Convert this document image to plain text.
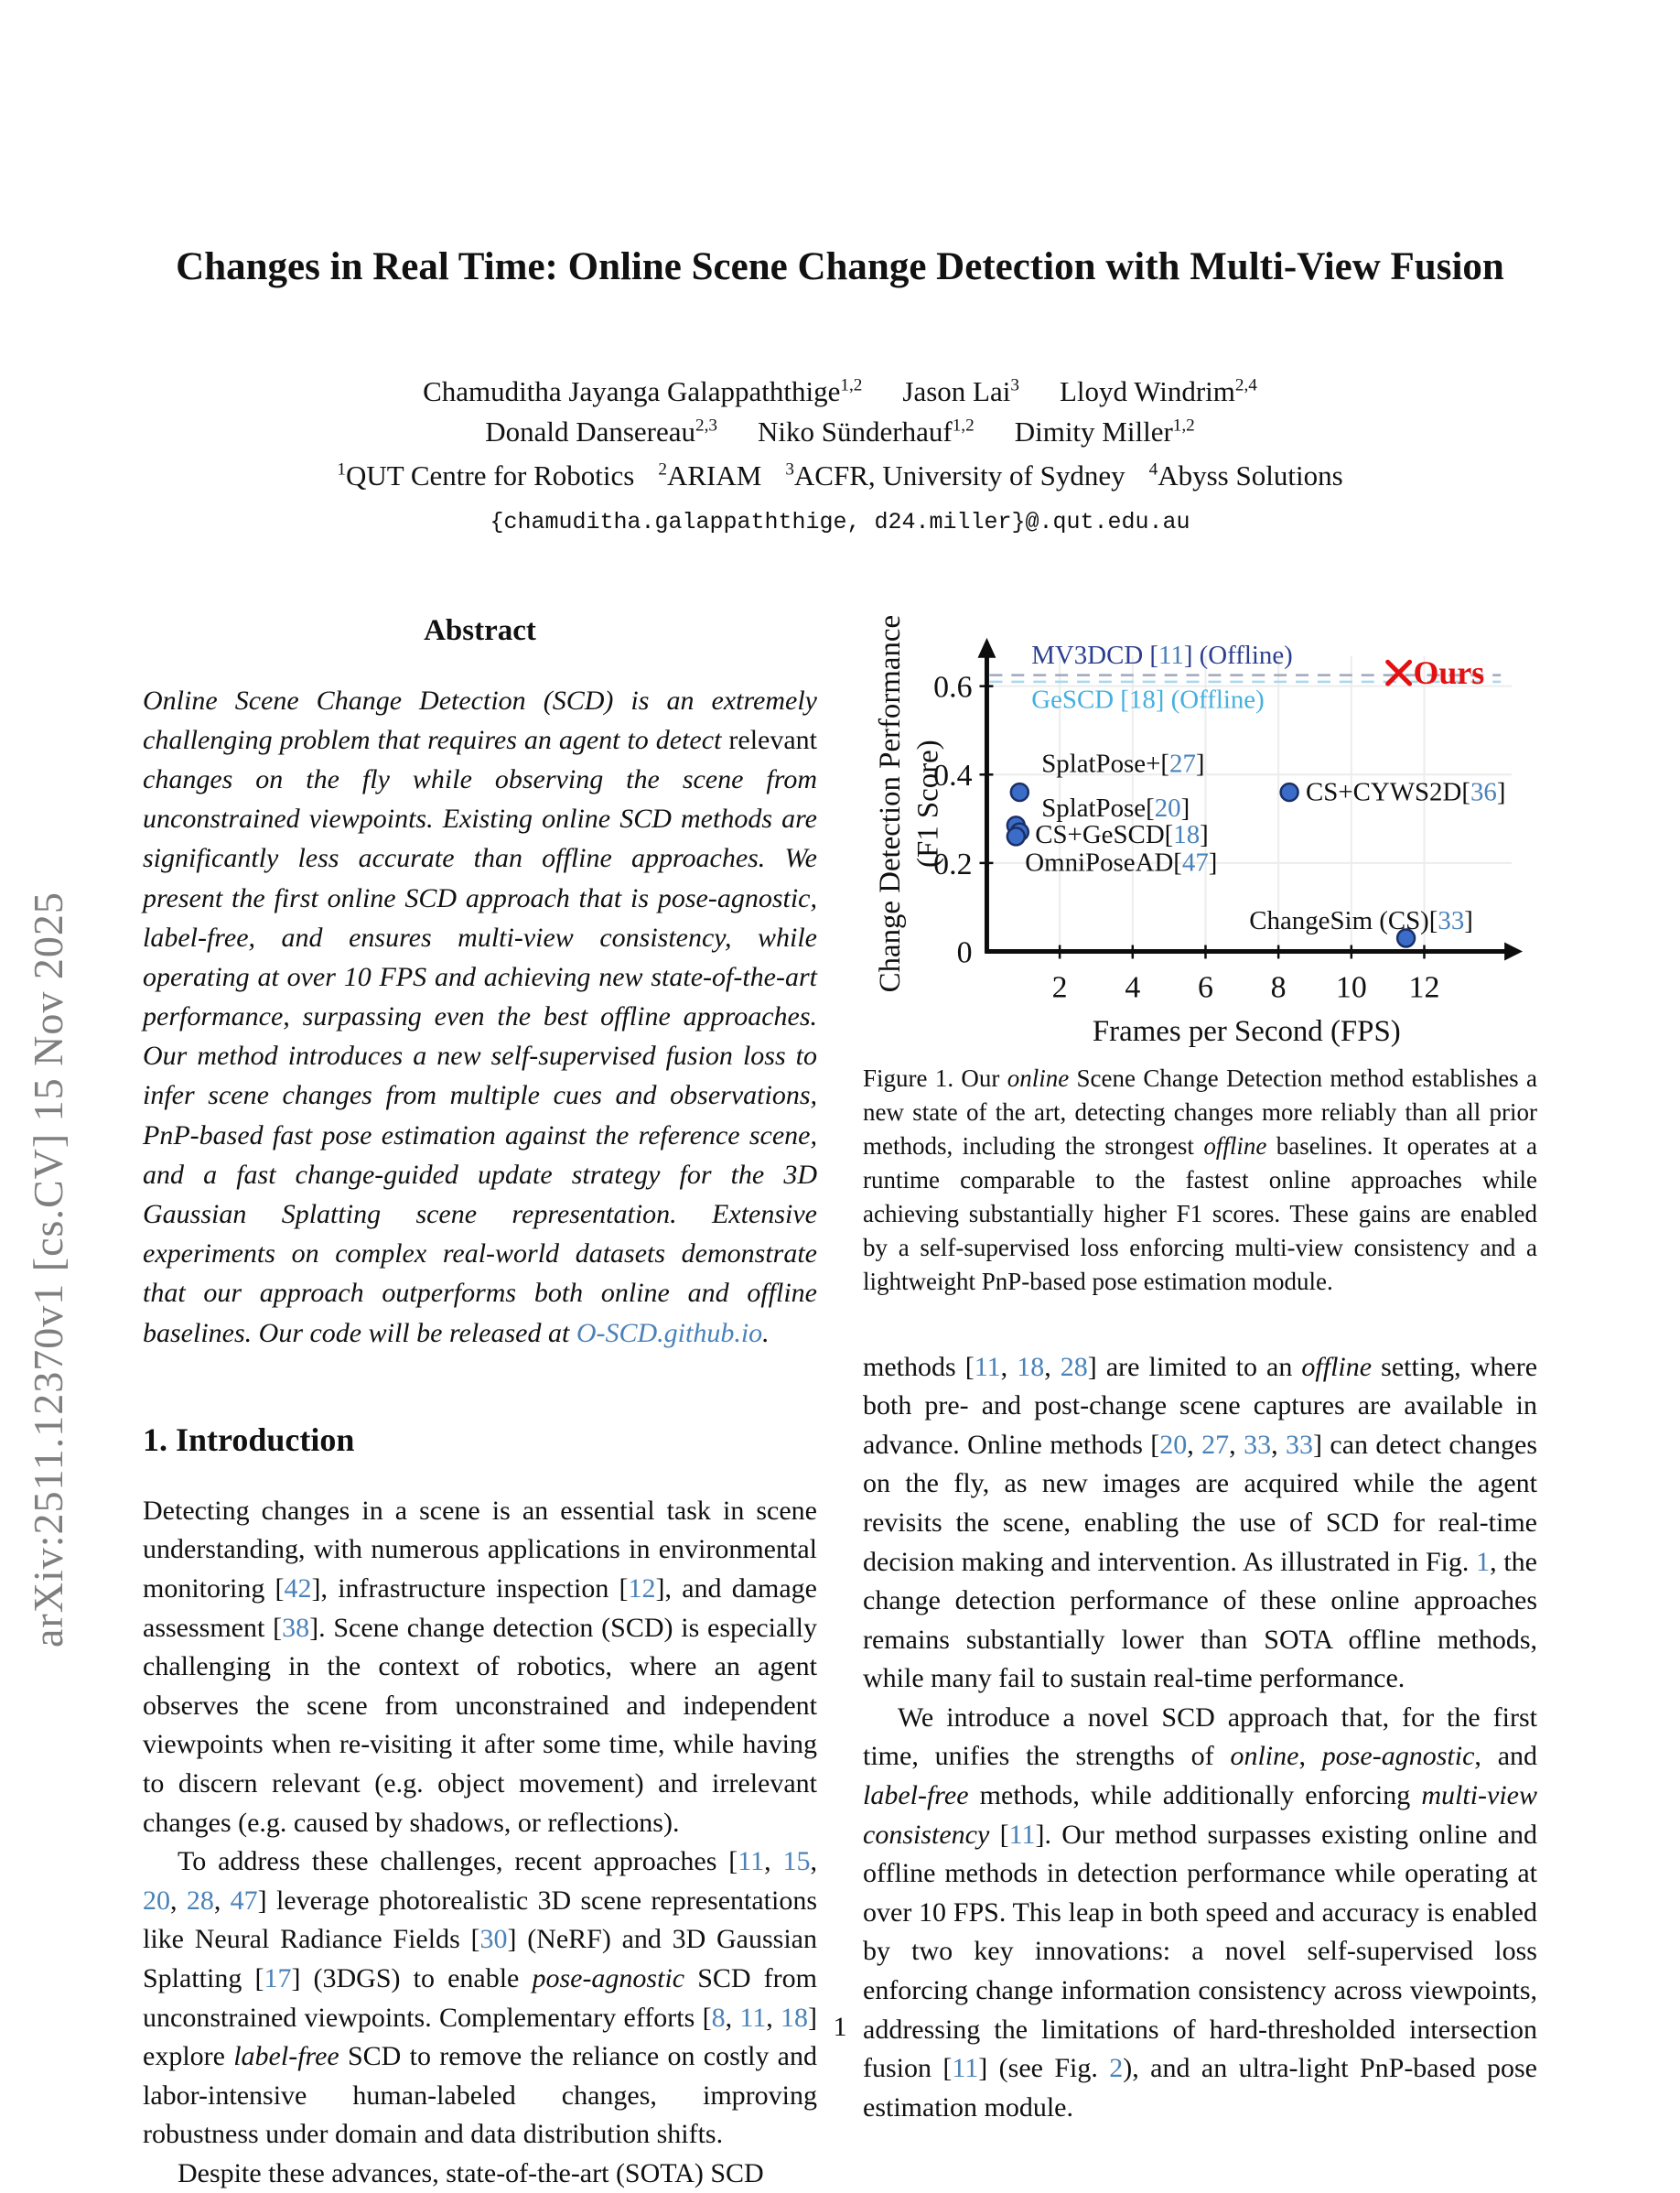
arXiv:2511.12370v1 [cs.CV] 15 Nov 2025
Changes in Real Time: Online Scene Change Detection with Multi-View Fusion
Chamuditha Jayanga Galappaththige$^{1,2}$ Jason Lai$^3$ Lloyd Windrim$^{2,4}$
Donald Dansereau$^{2,3}$ Niko Sünderhauf$^{1,2}$ Dimity Miller$^{1,2}$
$^1$QUT Centre for Robotics $^2$ARIAM $^3$ACFR, University of Sydney $^4$Abyss Solutions
{chamuditha.galappaththige, d24.miller}@.qut.edu.au
Abstract

Online Scene Change Detection (SCD) is an extremely challenging problem that requires an agent to detect relevant changes on the fly while observing the scene from unconstrained viewpoints. Existing online SCD methods are significantly less accurate than offline approaches. We present the first online SCD approach that is pose-agnostic, label-free, and ensures multi-view consistency, while operating at over 10 FPS and achieving new state-of-the-art performance, surpassing even the best offline approaches. Our method introduces a new self-supervised fusion loss to infer scene changes from multiple cues and observations, PnP-based fast pose estimation against the reference scene, and a fast change-guided update strategy for the 3D Gaussian Splatting scene representation. Extensive experiments on complex real-world datasets demonstrate that our approach outperforms both online and offline baselines. Our code will be released at O-SCD.github.io.

1. Introduction

Detecting changes in a scene is an essential task in scene understanding, with numerous applications in environmental monitoring [42], infrastructure inspection [12], and damage assessment [38]. Scene change detection (SCD) is especially challenging in the context of robotics, where an agent observes the scene from unconstrained and independent viewpoints when re-visiting it after some time, while having to discern relevant (e.g. object movement) and irrelevant changes (e.g. caused by shadows, or reflections).

To address these challenges, recent approaches [11, 15, 20, 28, 47] leverage photorealistic 3D scene representations like Neural Radiance Fields [30] (NeRF) and 3D Gaussian Splatting [17] (3DGS) to enable pose-agnostic SCD from unconstrained viewpoints. Complementary efforts [8, 11, 18] explore label-free SCD to remove the reliance on costly and labor-intensive human-labeled changes, improving robustness under domain and data distribution shifts.

Despite these advances, state-of-the-art (SOTA) SCD

2 4 6 8 10 12
0
0.2
0.4
0.6
MV3DCD [11] (Offline)
GeSCD [18] (Offline)
SplatPose+[27]
SplatPose[20]
CS+GeSCD[18]
OmniPoseAD[47]
CS+CYWS2D[36]
ChangeSim (CS)[33]
Ours
Frames per Second (FPS)
Change Detection Performance (F1 Score)

Figure 1. Our online Scene Change Detection method establishes a new state of the art, detecting changes more reliably than all prior methods, including the strongest offline baselines. It operates at a runtime comparable to the fastest online approaches while achieving substantially higher F1 scores. These gains are enabled by a self-supervised loss enforcing multi-view consistency and a lightweight PnP-based pose estimation module.

methods [11, 18, 28] are limited to an offline setting, where both pre- and post-change scene captures are available in advance. Online methods [20, 27, 33, 33] can detect changes on the fly, as new images are acquired while the agent revisits the scene, enabling the use of SCD for real-time decision making and intervention. As illustrated in Fig. 1, the change detection performance of these online approaches remains substantially lower than SOTA offline methods, while many fail to sustain real-time performance.

We introduce a novel SCD approach that, for the first time, unifies the strengths of online, pose-agnostic, and label-free methods, while additionally enforcing multi-view consistency [11]. Our method surpasses existing online and offline methods in detection performance while operating at over 10 FPS. This leap in both speed and accuracy is enabled by two key innovations: a novel self-supervised loss enforcing change information consistency across viewpoints, addressing the limitations of hard-thresholded intersection fusion [11] (see Fig. 2), and an ultra-light PnP-based pose estimation module.

1
